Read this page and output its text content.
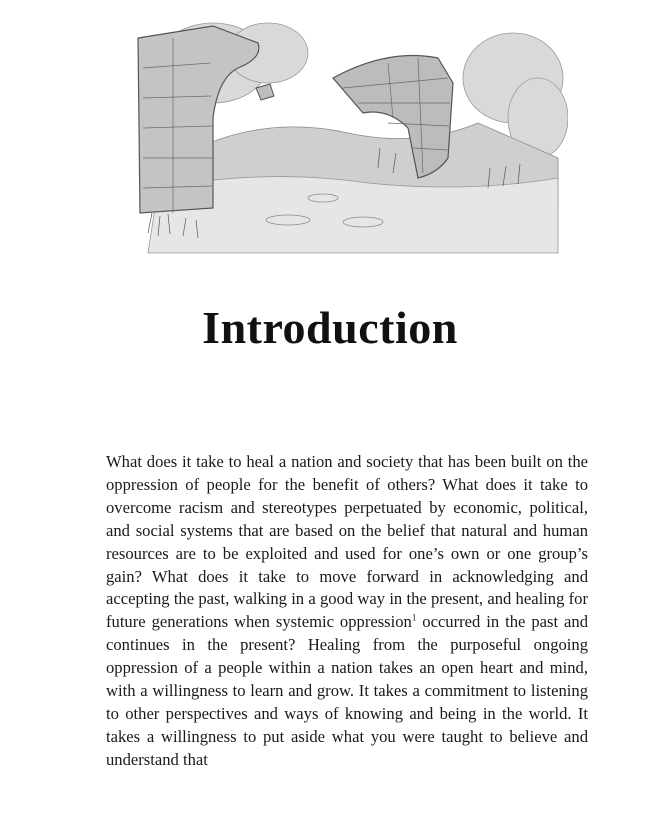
Introduction

What does it take to heal a nation and society that has been built on the oppression of people for the benefit of others? What does it take to overcome racism and stereotypes perpetuated by economic, political, and social systems that are based on the belief that natural and human resources are to be exploited and used for one’s own or one group’s gain? What does it take to move forward in acknowledging and accepting the past, walking in a good way in the present, and healing for future generations when systemic oppression$^1$ occurred in the past and continues in the present? Healing from the purposeful ongoing oppression of a people within a nation takes an open heart and mind, with a willingness to learn and grow. It takes a commitment to listening to other perspectives and ways of knowing and being in the world. It takes a willingness to put aside what you were taught to believe and understand that
